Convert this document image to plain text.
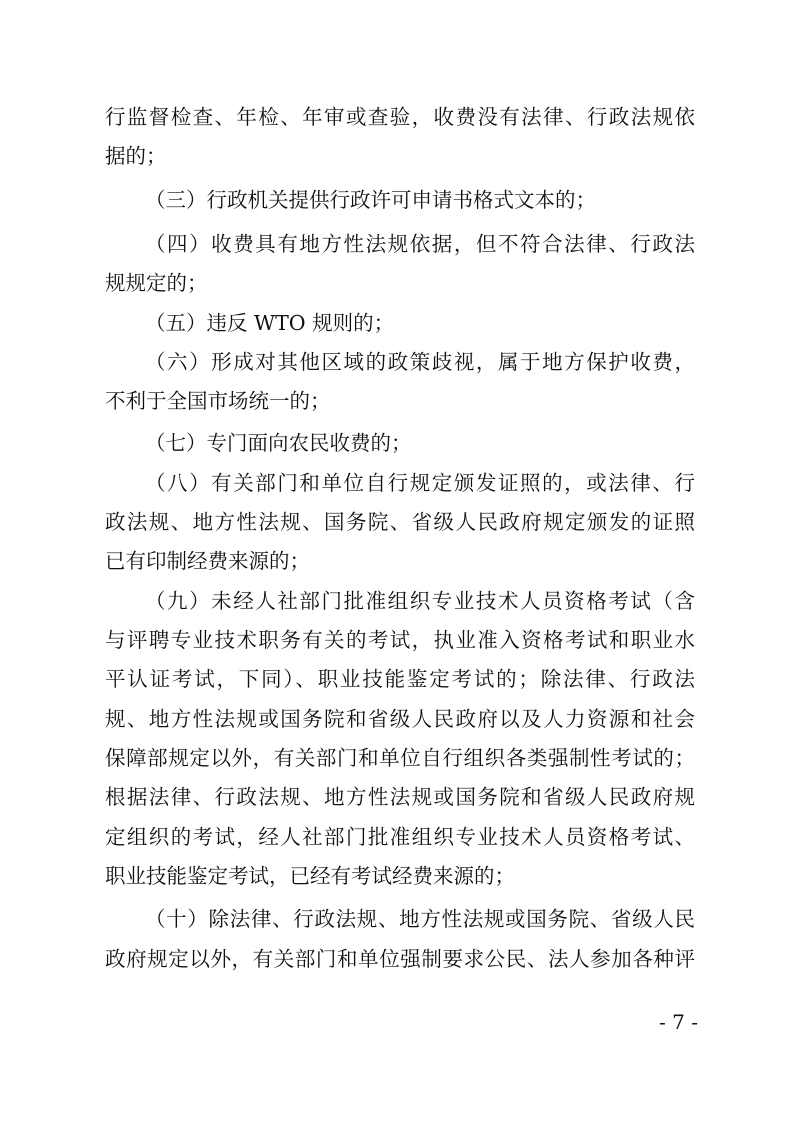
行监督检查、年检、年审或查验，收费没有法律、行政法规依
据的；
（三）行政机关提供行政许可申请书格式文本的；
（四）收费具有地方性法规依据，但不符合法律、行政法
规规定的；
（五）违反 WTO 规则的；
（六）形成对其他区域的政策歧视，属于地方保护收费，
不利于全国市场统一的；
（七）专门面向农民收费的；
（八）有关部门和单位自行规定颁发证照的，或法律、行
政法规、地方性法规、国务院、省级人民政府规定颁发的证照
已有印制经费来源的；
（九）未经人社部门批准组织专业技术人员资格考试（含
与评聘专业技术职务有关的考试，执业准入资格考试和职业水
平认证考试，下同）、职业技能鉴定考试的；除法律、行政法
规、地方性法规或国务院和省级人民政府以及人力资源和社会
保障部规定以外，有关部门和单位自行组织各类强制性考试的；
根据法律、行政法规、地方性法规或国务院和省级人民政府规
定组织的考试，经人社部门批准组织专业技术人员资格考试、
职业技能鉴定考试，已经有考试经费来源的；
（十）除法律、行政法规、地方性法规或国务院、省级人民
政府规定以外，有关部门和单位强制要求公民、法人参加各种评
- 7 -
